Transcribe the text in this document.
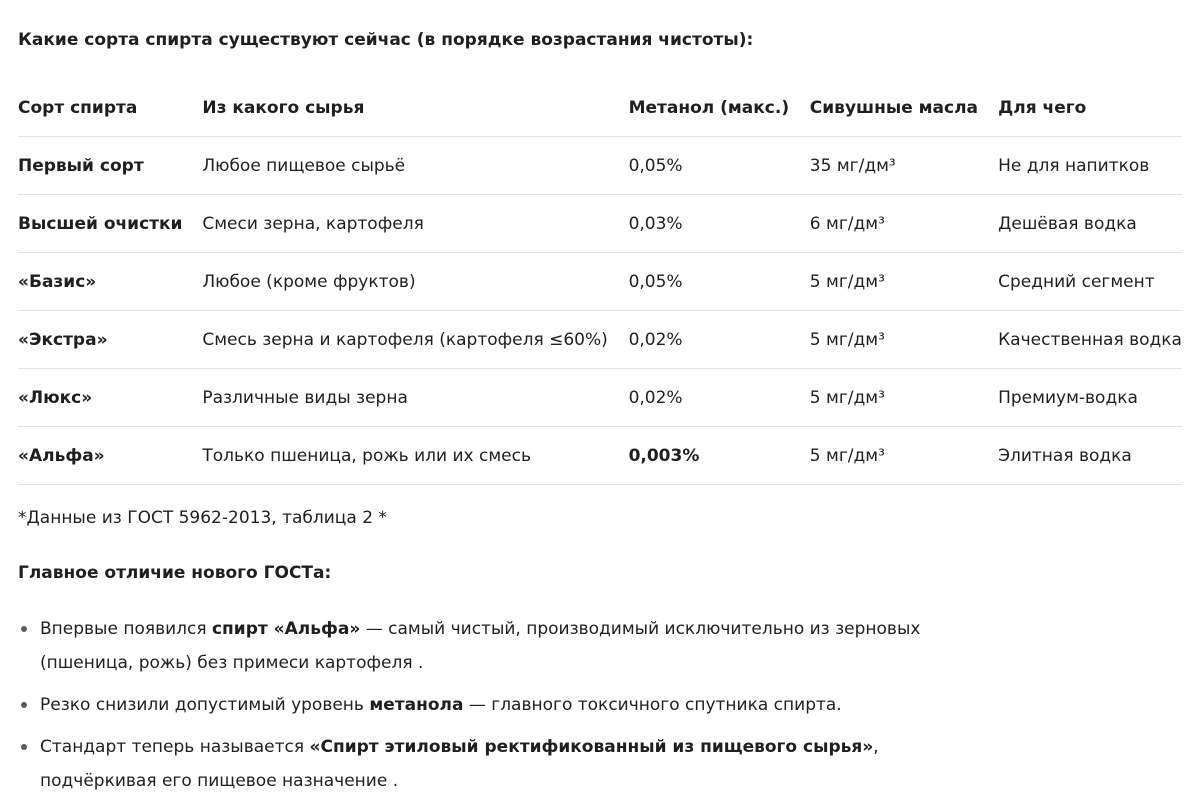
Какие сорта спирта существуют сейчас (в порядке возрастания чистоты):
Сорт спирта	Из какого сырья	Метанол (макс.)	Сивушные масла	Для чего
Первый сорт	Любое пищевое сырьё	0,05%	35 мг/дм³	Не для напитков
Высшей очистки	Смеси зерна, картофеля	0,03%	6 мг/дм³	Дешёвая водка
«Базис»	Любое (кроме фруктов)	0,05%	5 мг/дм³	Средний сегмент
«Экстра»	Смесь зерна и картофеля (картофеля ≤60%)	0,02%	5 мг/дм³	Качественная водка
«Люкс»	Различные виды зерна	0,02%	5 мг/дм³	Премиум-водка
«Альфа»	Только пшеница, рожь или их смесь	0,003%	5 мг/дм³	Элитная водка
*Данные из ГОСТ 5962-2013, таблица 2 *
Главное отличие нового ГОСТа:
Впервые появился спирт «Альфа» — самый чистый, производимый исключительно из зерновых
(пшеница, рожь) без примеси картофеля .
Резко снизили допустимый уровень метанола — главного токсичного спутника спирта.
Стандарт теперь называется «Спирт этиловый ректификованный из пищевого сырья»,
подчёркивая его пищевое назначение .
